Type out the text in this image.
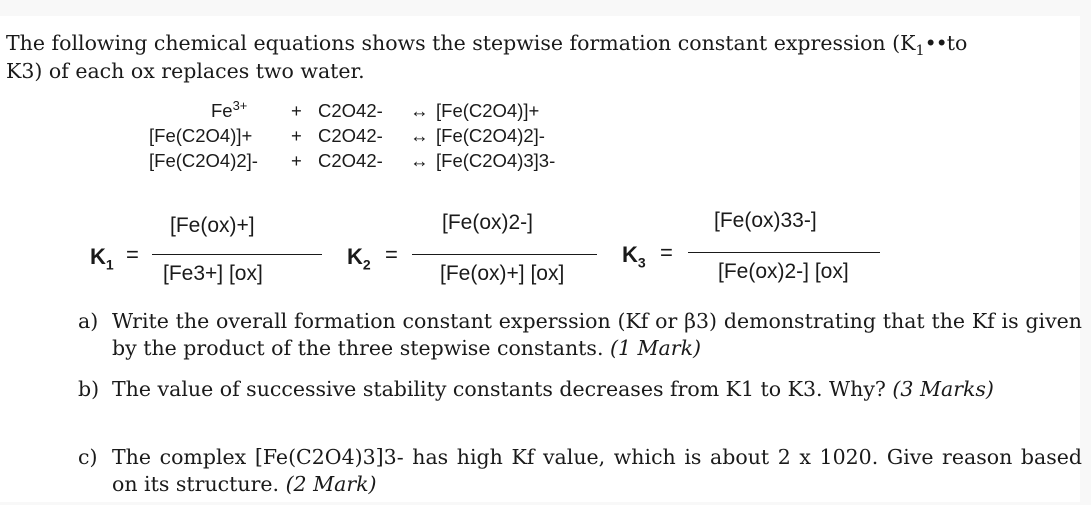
The following chemical equations shows the stepwise formation constant expression ($K_1••to$
K3) of each ox replaces two water.
$Fe^{3+} + C2O42-$ ↔ [Fe(C2O4)]+
[Fe(C2O4)]+ + C2O42- ↔ [Fe(C2O4)2]-
[Fe(C2O4)2]- + C2O42- ↔ [Fe(C2O4)3]3-
$K_1$ =
[Fe(ox)+]
[Fe3+] [ox]
$K_2$ =
[Fe(ox)2-]
[Fe(ox)+] [ox]
$K_3$ =
[Fe(ox)33-]
[Fe(ox)2-] [ox]
a) Write the overall formation constant experssion (Kf or β3) demonstrating that the Kf is given by the product of the three stepwise constants. (1 Mark)
b) The value of successive stability constants decreases from K1 to K3. Why? (3 Marks)
c) The complex [Fe(C2O4)3]3- has high Kf value, which is about 2 x 1020. Give reason based on its structure. (2 Mark)
